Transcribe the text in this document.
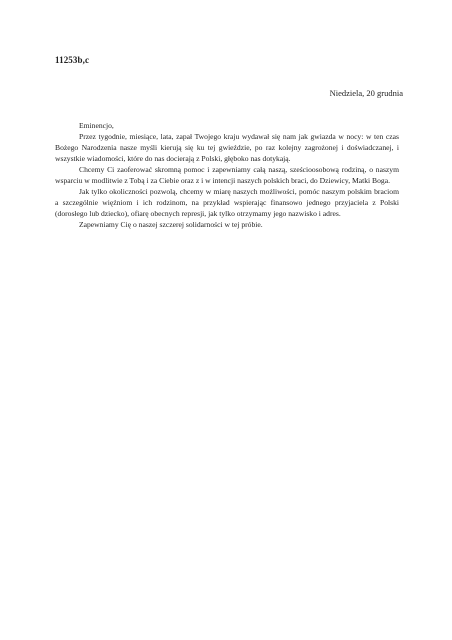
11253b,c
Niedziela, 20 grudnia

Eminencjo,

Przez tygodnie, miesiące, lata, zapał Twojego kraju wydawał się nam jak gwiazda w nocy: w ten czas Bożego Narodzenia nasze myśli kierują się ku tej gwieździe, po raz kolejny zagrożonej i doświadczanej, i wszystkie wiadomości, które do nas docierają z Polski, głęboko nas dotykają.

Chcemy Ci zaoferować skromną pomoc i zapewniamy całą naszą, sześcioosobową rodziną, o naszym wsparciu w modlitwie z Tobą i za Ciebie oraz z i w intencji naszych polskich braci, do Dziewicy, Matki Boga.

Jak tylko okoliczności pozwolą, chcemy w miarę naszych możliwości, pomóc naszym polskim braciom a szczególnie więźniom i ich rodzinom, na przykład wspierając finansowo jednego przyjaciela z Polski (dorosłego lub dziecko), ofiarę obecnych represji, jak tylko otrzymamy jego nazwisko i adres.

Zapewniamy Cię o naszej szczerej solidarności w tej próbie.
